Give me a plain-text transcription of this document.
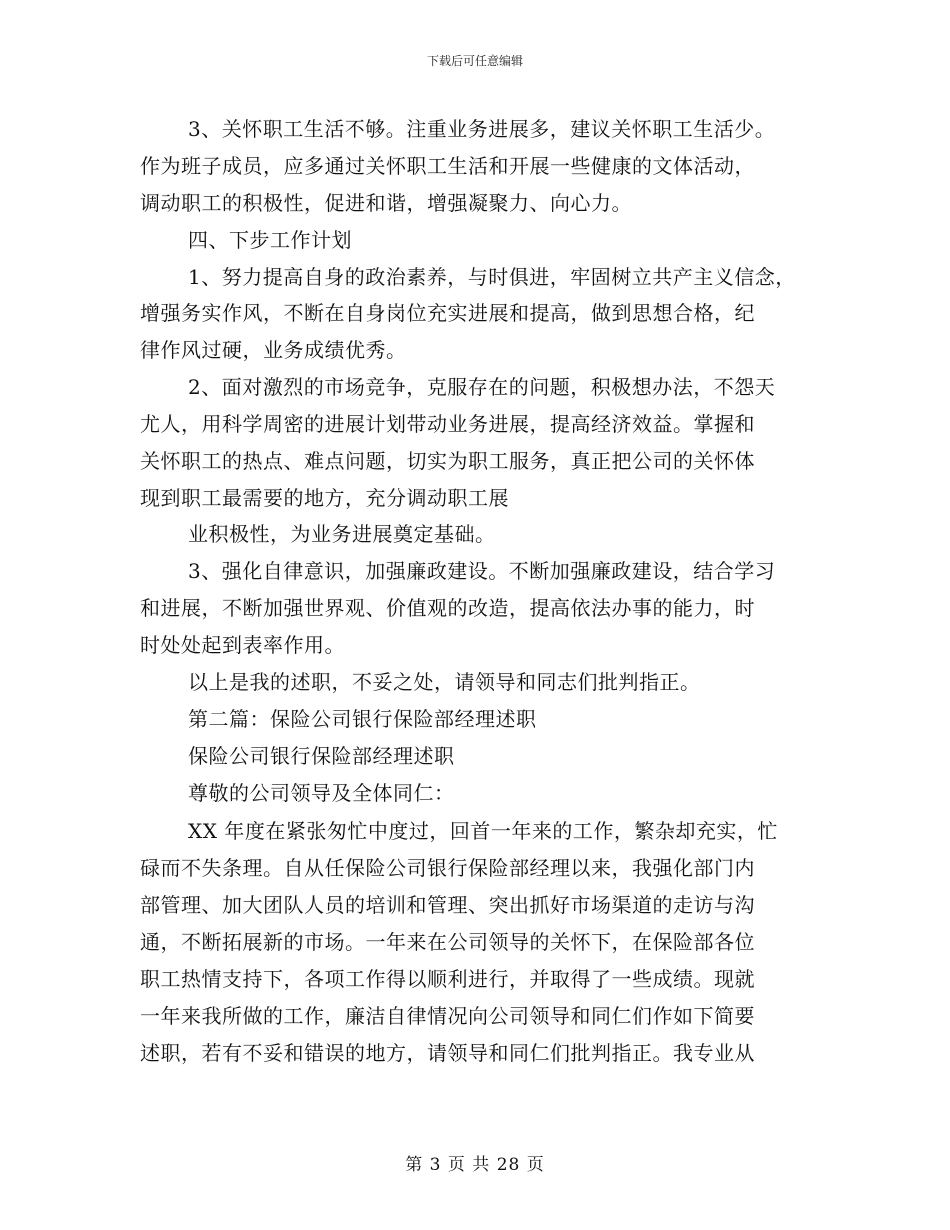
下载后可任意编辑
3、关怀职工生活不够。注重业务进展多，建议关怀职工生活少。
作为班子成员，应多通过关怀职工生活和开展一些健康的文体活动，
调动职工的积极性，促进和谐，增强凝聚力、向心力。
四、下步工作计划
1、努力提高自身的政治素养，与时俱进，牢固树立共产主义信念，
增强务实作风，不断在自身岗位充实进展和提高，做到思想合格，纪
律作风过硬，业务成绩优秀。
2、面对激烈的市场竞争，克服存在的问题，积极想办法，不怨天
尤人，用科学周密的进展计划带动业务进展，提高经济效益。掌握和
关怀职工的热点、难点问题，切实为职工服务，真正把公司的关怀体
现到职工最需要的地方，充分调动职工展
业积极性，为业务进展奠定基础。
3、强化自律意识，加强廉政建设。不断加强廉政建设，结合学习
和进展，不断加强世界观、价值观的改造，提高依法办事的能力，时
时处处起到表率作用。
以上是我的述职，不妥之处，请领导和同志们批判指正。
第二篇：保险公司银行保险部经理述职
保险公司银行保险部经理述职
尊敬的公司领导及全体同仁：
XX 年度在紧张匆忙中度过，回首一年来的工作，繁杂却充实，忙
碌而不失条理。自从任保险公司银行保险部经理以来，我强化部门内
部管理、加大团队人员的培训和管理、突出抓好市场渠道的走访与沟
通，不断拓展新的市场。一年来在公司领导的关怀下，在保险部各位
职工热情支持下，各项工作得以顺利进行，并取得了一些成绩。现就
一年来我所做的工作，廉洁自律情况向公司领导和同仁们作如下简要
述职，若有不妥和错误的地方，请领导和同仁们批判指正。我专业从
第 3 页 共 28 页
